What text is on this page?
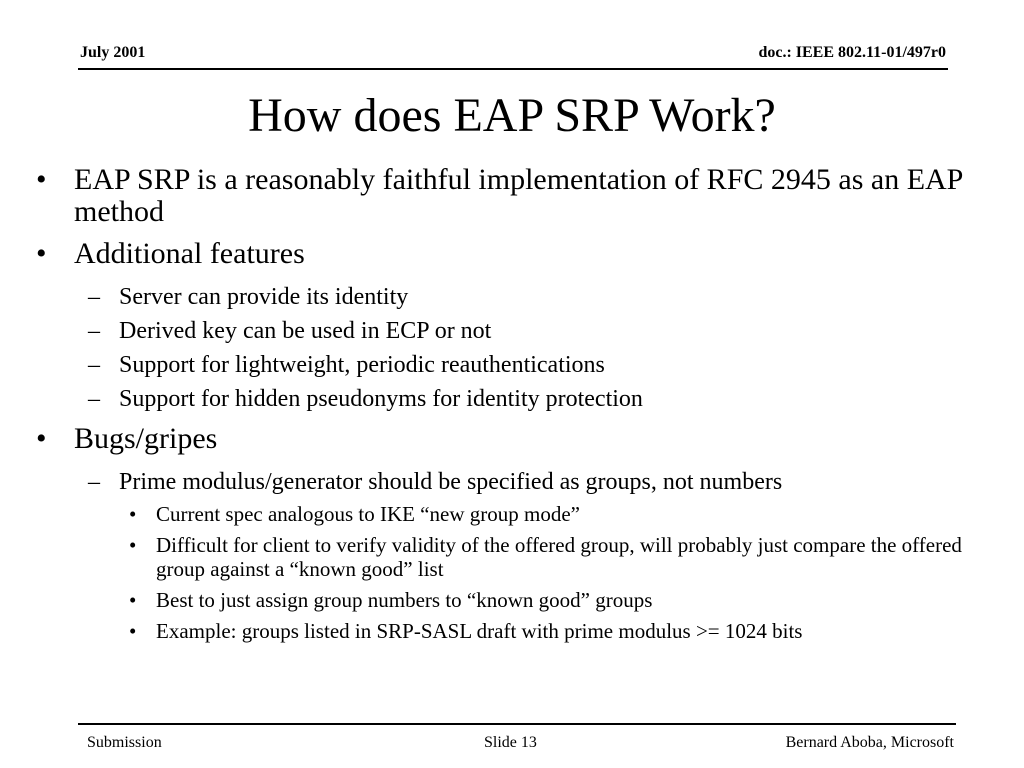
July 2001	doc.: IEEE 802.11-01/497r0
How does EAP SRP Work?
• EAP SRP is a reasonably faithful implementation of RFC 2945 as an EAP method
• Additional features
– Server can provide its identity
– Derived key can be used in ECP or not
– Support for lightweight, periodic reauthentications
– Support for hidden pseudonyms for identity protection
• Bugs/gripes
– Prime modulus/generator should be specified as groups, not numbers
• Current spec analogous to IKE “new group mode”
• Difficult for client to verify validity of the offered group, will probably just compare the offered group against a “known good” list
• Best to just assign group numbers to “known good” groups
• Example: groups listed in SRP-SASL draft with prime modulus >= 1024 bits
Submission	Slide 13	Bernard Aboba, Microsoft
